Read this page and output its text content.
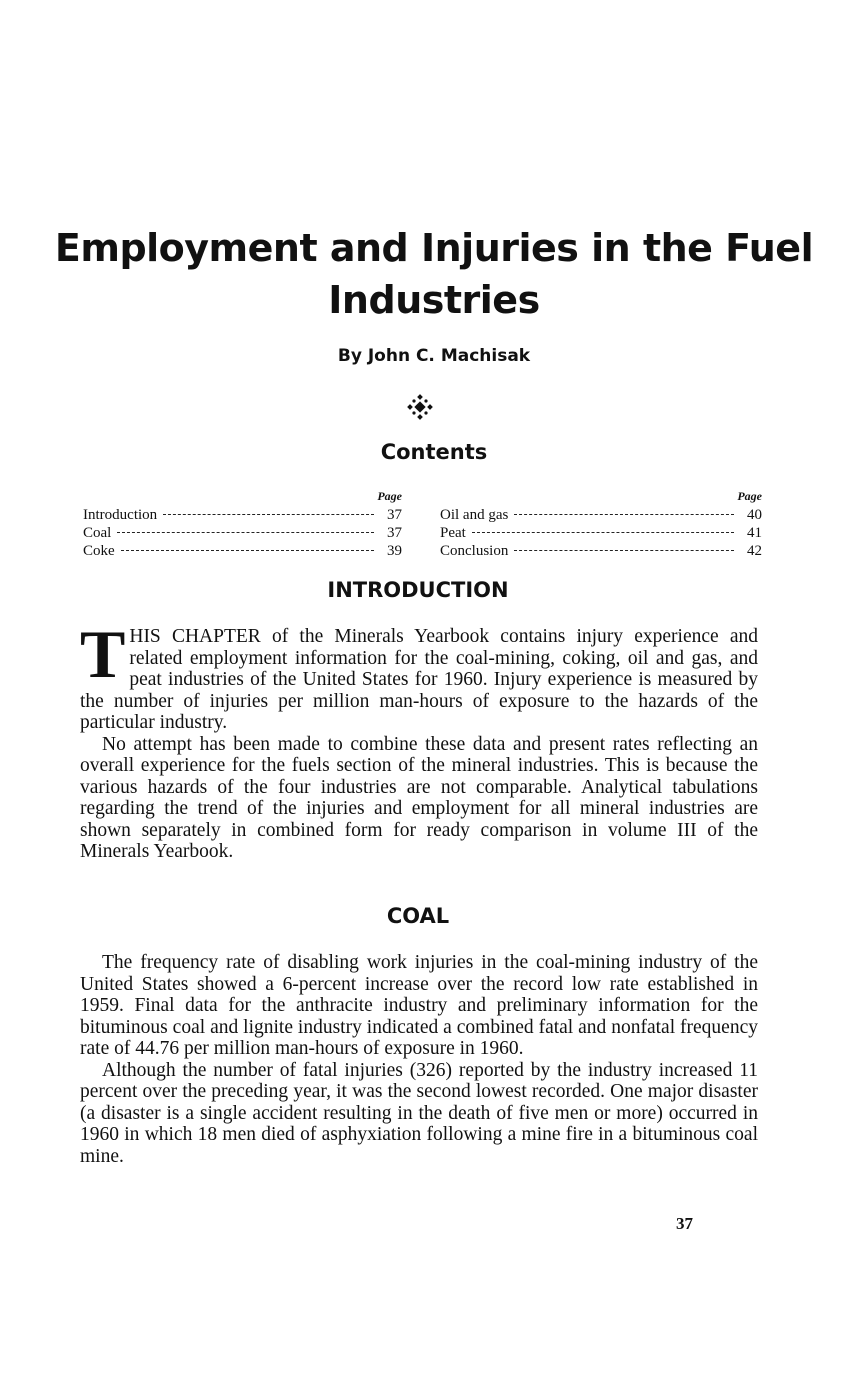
Employment and Injuries in the Fuel Industries

By John C. Machisak

Contents
Page
Introduction	37
Coal	37
Coke	39
Page
Oil and gas	40
Peat	41
Conclusion	42
INTRODUCTION

THIS CHAPTER of the Minerals Yearbook contains injury experience and related employment information for the coal-mining, coking, oil and gas, and peat industries of the United States for 1960. Injury experience is measured by the number of injuries per million man-hours of exposure to the hazards of the particular industry.

No attempt has been made to combine these data and present rates reflecting an overall experience for the fuels section of the mineral industries. This is because the various hazards of the four industries are not comparable. Analytical tabulations regarding the trend of the injuries and employment for all mineral industries are shown separately in combined form for ready comparison in volume III of the Minerals Yearbook.

COAL

The frequency rate of disabling work injuries in the coal-mining industry of the United States showed a 6-percent increase over the record low rate established in 1959. Final data for the anthracite industry and preliminary information for the bituminous coal and lignite industry indicated a combined fatal and nonfatal frequency rate of 44.76 per million man-hours of exposure in 1960.

Although the number of fatal injuries (326) reported by the industry increased 11 percent over the preceding year, it was the second lowest recorded. One major disaster (a disaster is a single accident resulting in the death of five men or more) occurred in 1960 in which 18 men died of asphyxiation following a mine fire in a bituminous coal mine.

37
